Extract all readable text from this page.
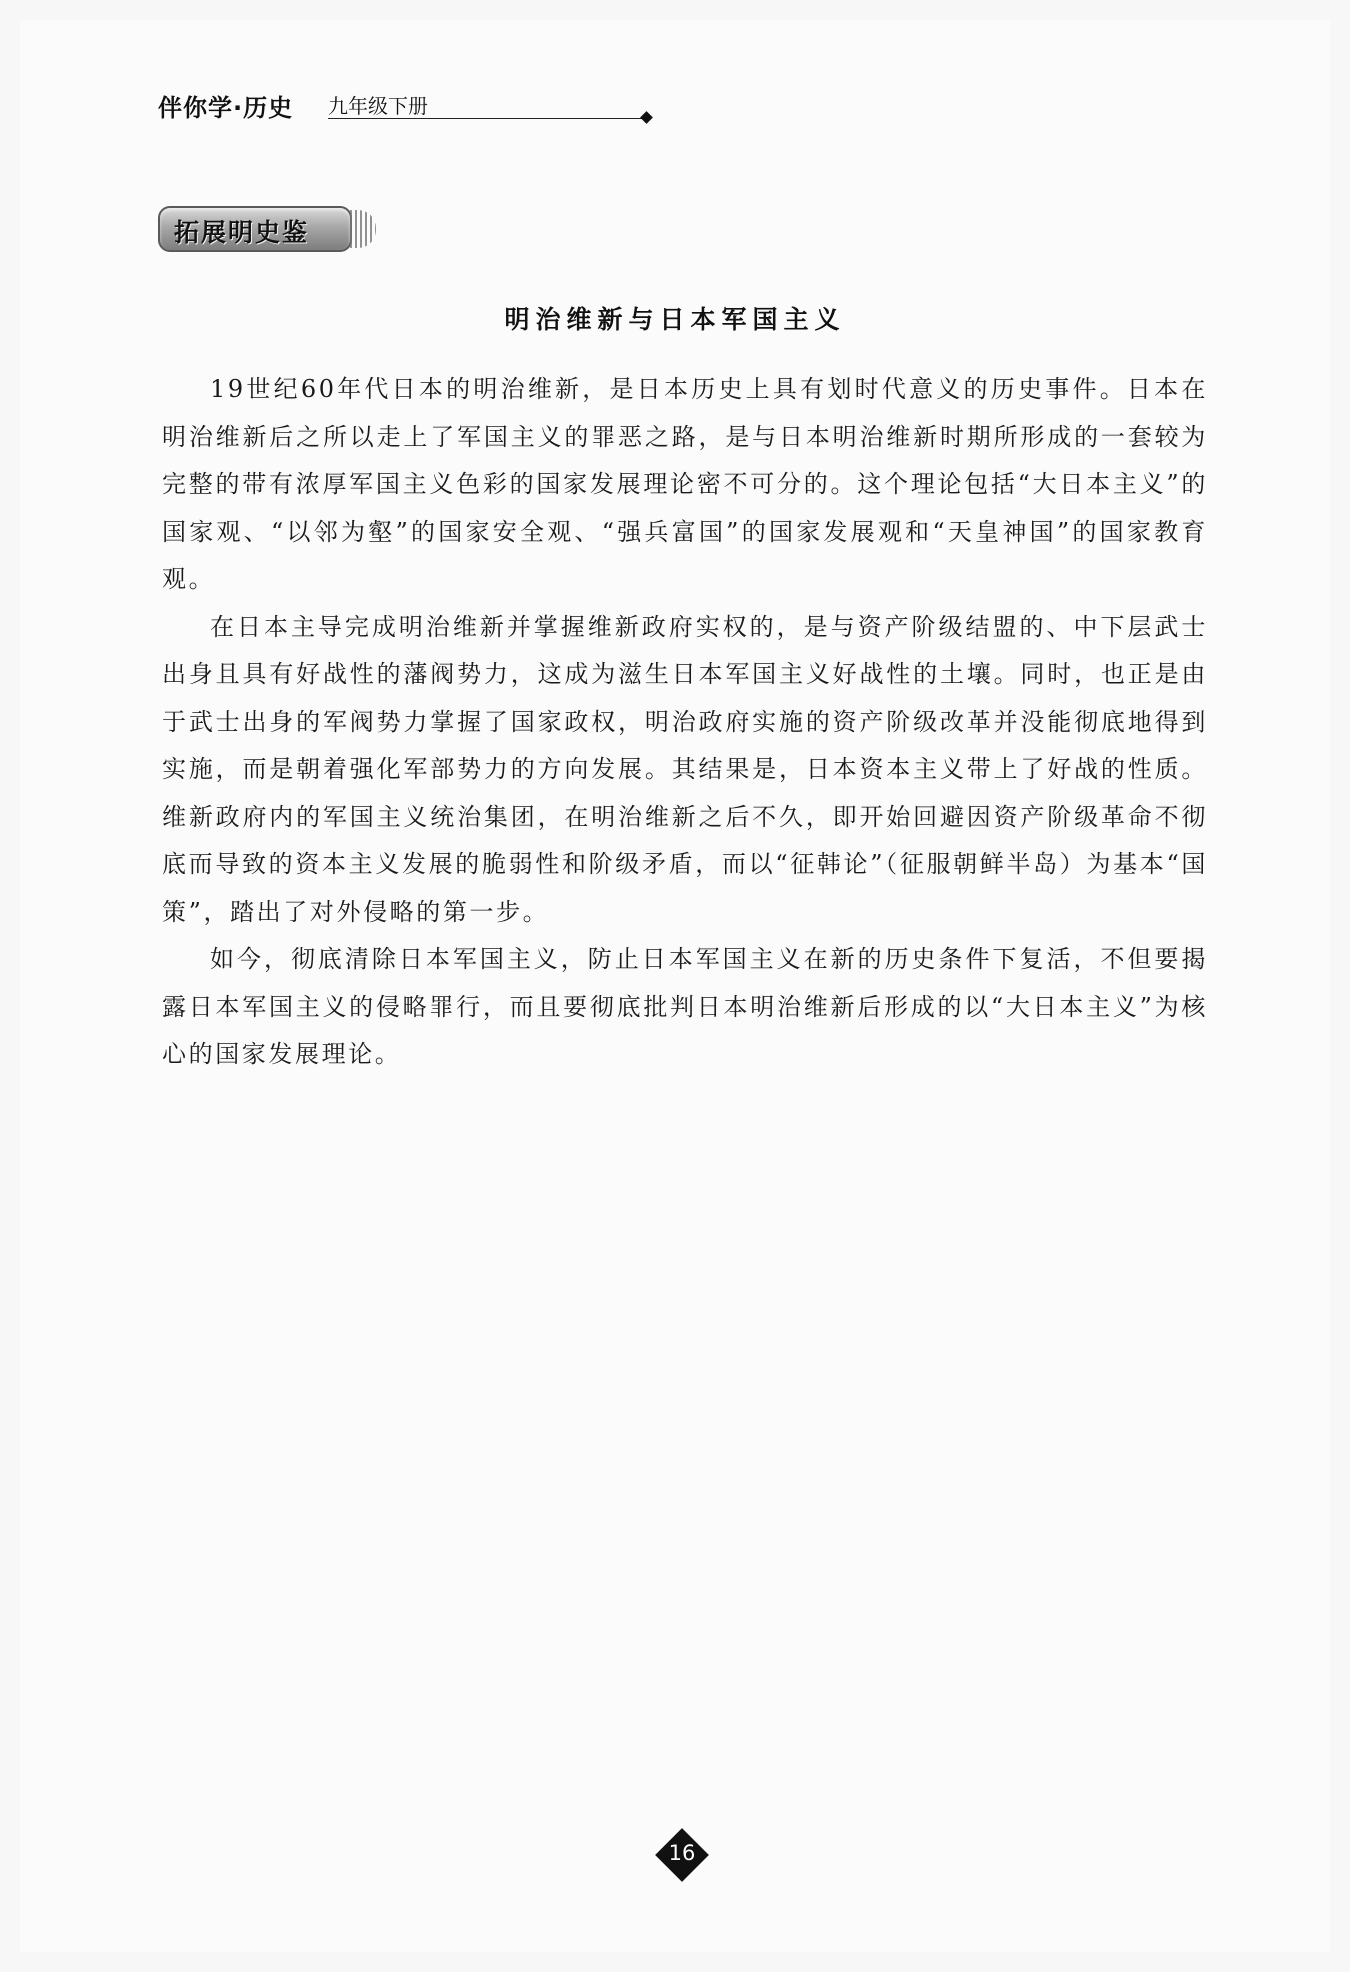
伴你学·历史 九年级下册
拓展明史鉴
明治维新与日本军国主义

19世纪60年代日本的明治维新，是日本历史上具有划时代意义的历史事件。日本在明治维新后之所以走上了军国主义的罪恶之路，是与日本明治维新时期所形成的一套较为完整的带有浓厚军国主义色彩的国家发展理论密不可分的。这个理论包括“大日本主义”的国家观、“以邻为壑”的国家安全观、“强兵富国”的国家发展观和“天皇神国”的国家教育观。

在日本主导完成明治维新并掌握维新政府实权的，是与资产阶级结盟的、中下层武士出身且具有好战性的藩阀势力，这成为滋生日本军国主义好战性的土壤。同时，也正是由于武士出身的军阀势力掌握了国家政权，明治政府实施的资产阶级改革并没能彻底地得到实施，而是朝着强化军部势力的方向发展。其结果是，日本资本主义带上了好战的性质。维新政府内的军国主义统治集团，在明治维新之后不久，即开始回避因资产阶级革命不彻底而导致的资本主义发展的脆弱性和阶级矛盾，而以“征韩论”（征服朝鲜半岛）为基本“国策”，踏出了对外侵略的第一步。

如今，彻底清除日本军国主义，防止日本军国主义在新的历史条件下复活，不但要揭露日本军国主义的侵略罪行，而且要彻底批判日本明治维新后形成的以“大日本主义”为核心的国家发展理论。

16
